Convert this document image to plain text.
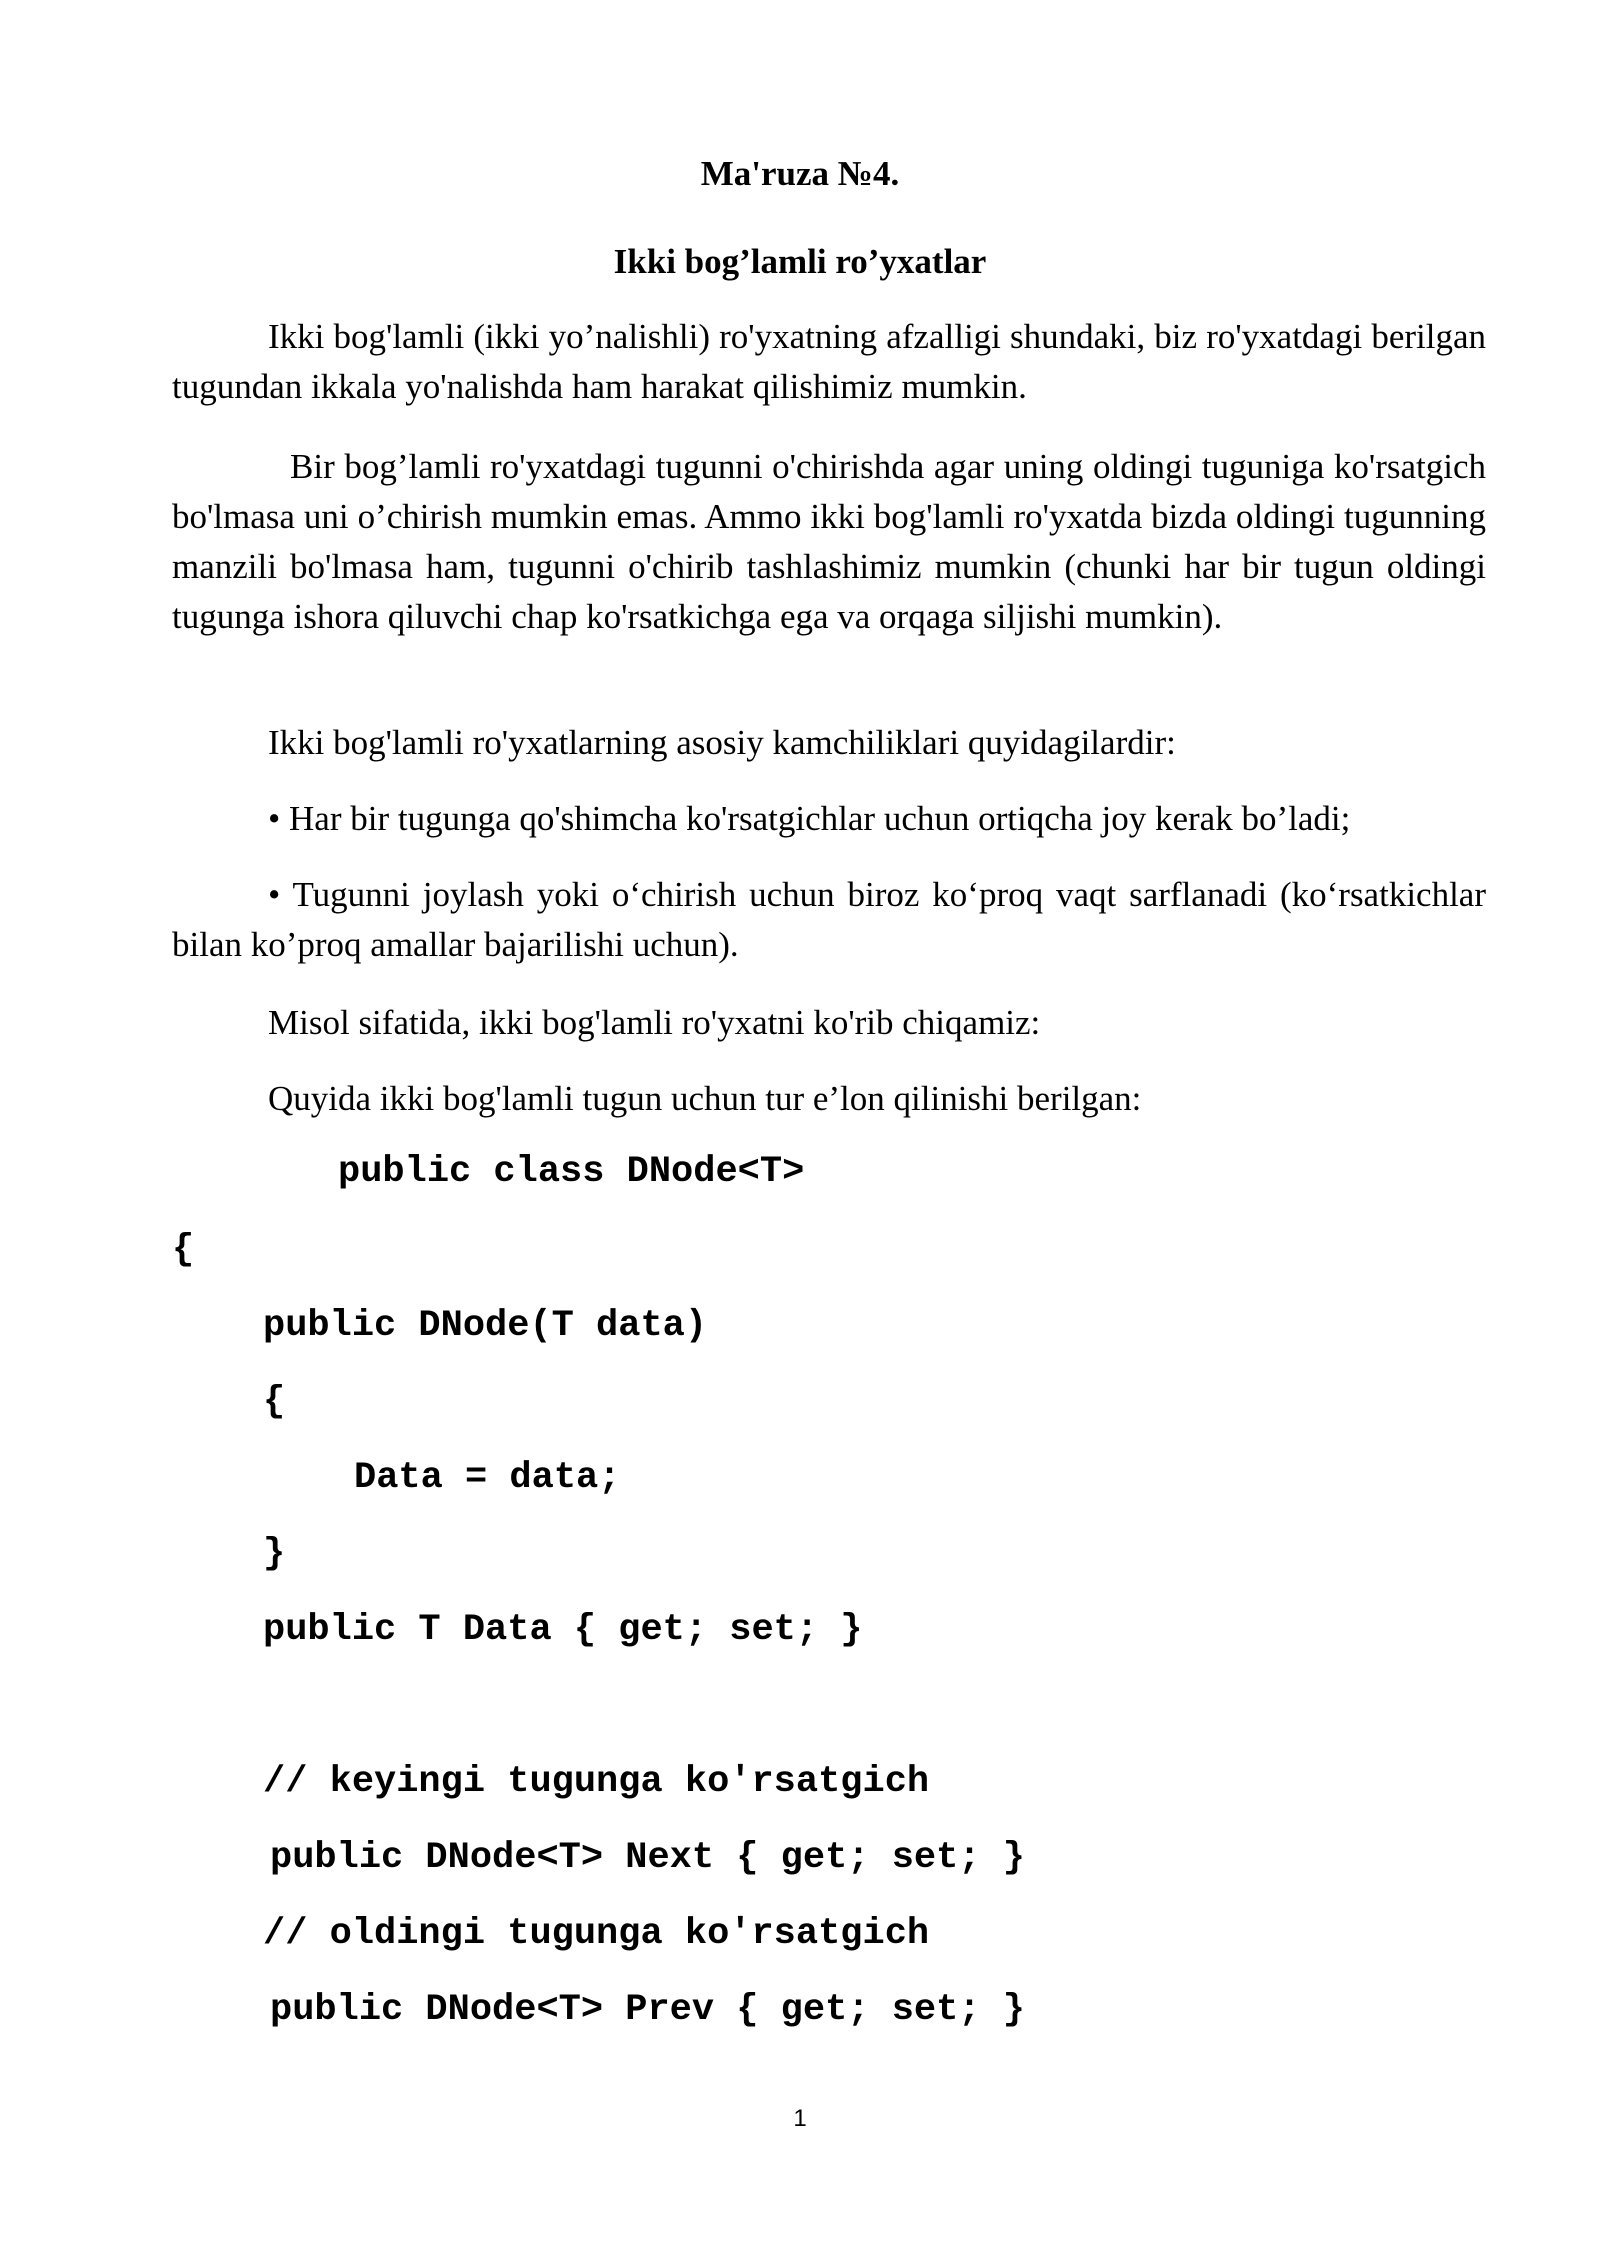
Ma'ruza №4.
Ikki bog’lamli ro’yxatlar

Ikki bog'lamli (ikki yo’nalishli) ro'yxatning afzalligi shundaki, biz ro'yxatdagi berilgan tugundan ikkala yo'nalishda ham harakat qilishimiz mumkin.

Bir bog’lamli ro'yxatdagi tugunni o'chirishda agar uning oldingi tuguniga ko'rsatgich bo'lmasa uni o’chirish mumkin emas. Ammo ikki bog'lamli ro'yxatda bizda oldingi tugunning manzili bo'lmasa ham, tugunni o'chirib tashlashimiz mumkin (chunki har bir tugun oldingi tugunga ishora qiluvchi chap ko'rsatkichga ega va orqaga siljishi mumkin).

Ikki bog'lamli ro'yxatlarning asosiy kamchiliklari quyidagilardir:

• Har bir tugunga qo'shimcha ko'rsatgichlar uchun ortiqcha joy kerak bo’ladi;

• Tugunni joylash yoki o‘chirish uchun biroz ko‘proq vaqt sarflanadi (ko‘rsatkichlar bilan ko’proq amallar bajarilishi uchun).

Misol sifatida, ikki bog'lamli ro'yxatni ko'rib chiqamiz:

Quyida ikki bog'lamli tugun uchun tur e’lon qilinishi berilgan:

public class DNode<T>
{
public DNode(T data)
{
Data = data;
}
public T Data { get; set; }
// keyingi tugunga ko'rsatgich
public DNode<T> Next { get; set; }
// oldingi tugunga ko'rsatgich
public DNode<T> Prev { get; set; }
1
